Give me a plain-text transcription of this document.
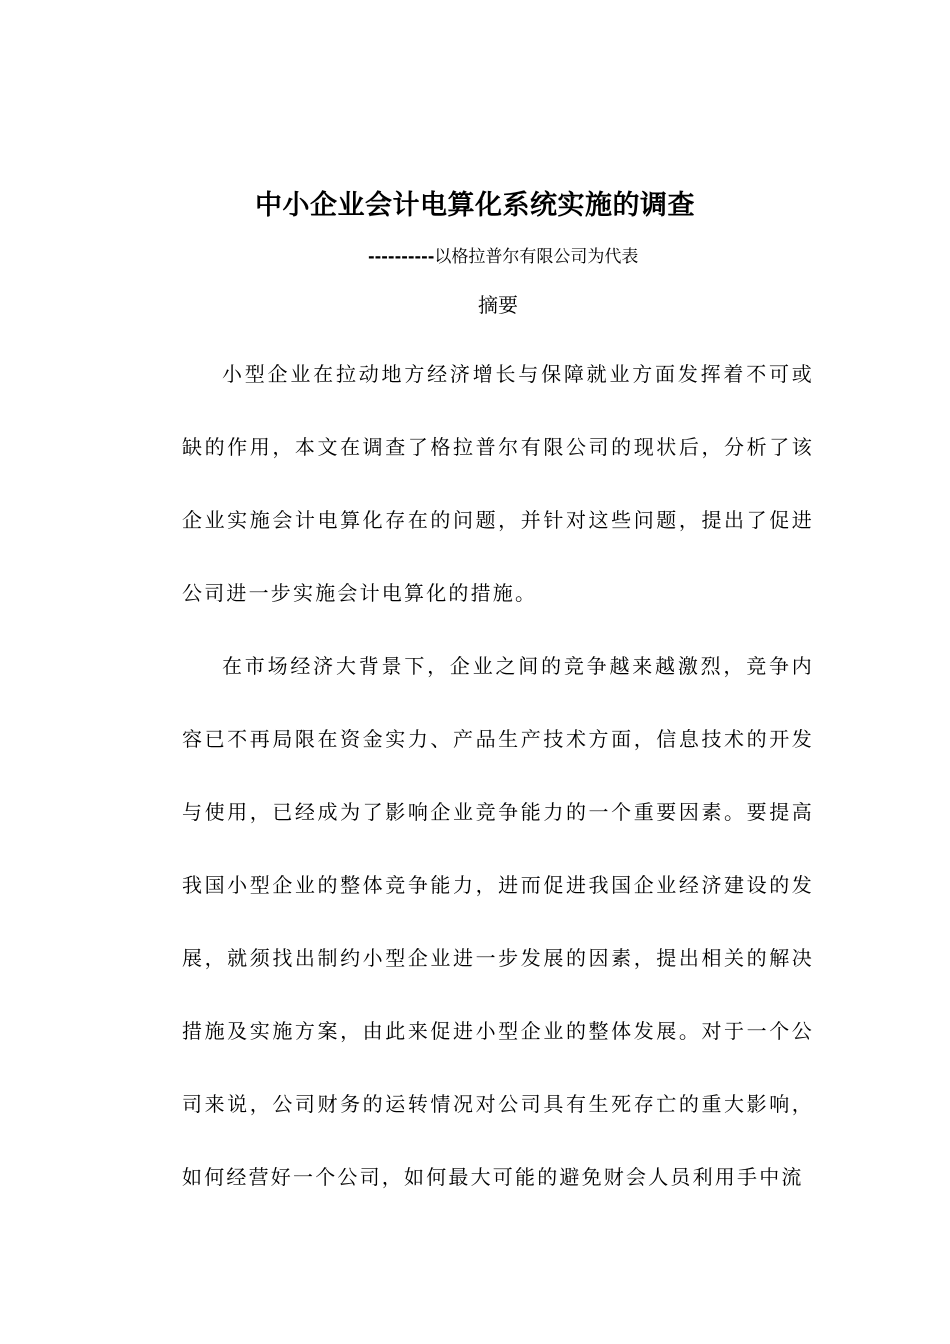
中小企业会计电算化系统实施的调查
----------以格拉普尔有限公司为代表
摘要

小型企业在拉动地方经济增长与保障就业方面发挥着不可或缺的作用，本文在调查了格拉普尔有限公司的现状后，分析了该企业实施会计电算化存在的问题，并针对这些问题，提出了促进公司进一步实施会计电算化的措施。

在市场经济大背景下，企业之间的竞争越来越激烈，竞争内容已不再局限在资金实力、产品生产技术方面，信息技术的开发与使用，已经成为了影响企业竞争能力的一个重要因素。要提高我国小型企业的整体竞争能力，进而促进我国企业经济建设的发展，就须找出制约小型企业进一步发展的因素，提出相关的解决措施及实施方案，由此来促进小型企业的整体发展。对于一个公司来说，公司财务的运转情况对公司具有生死存亡的重大影响，如何经营好一个公司，如何最大可能的避免财会人员利用手中流
